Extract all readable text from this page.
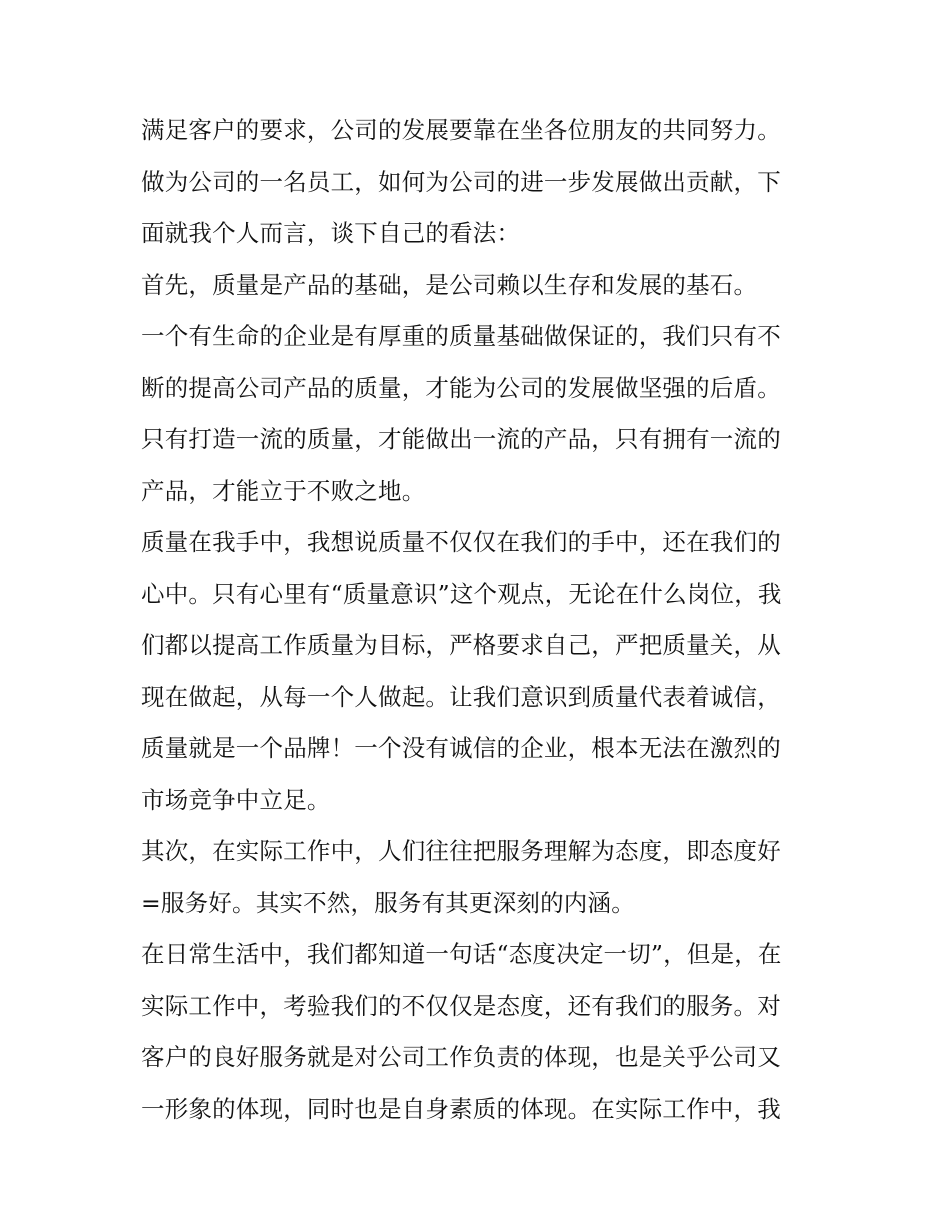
满足客户的要求，公司的发展要靠在坐各位朋友的共同努力。
做为公司的一名员工，如何为公司的进一步发展做出贡献，下
面就我个人而言，谈下自己的看法：
首先，质量是产品的基础，是公司赖以生存和发展的基石。
一个有生命的企业是有厚重的质量基础做保证的，我们只有不
断的提高公司产品的质量，才能为公司的发展做坚强的后盾。
只有打造一流的质量，才能做出一流的产品，只有拥有一流的
产品，才能立于不败之地。
质量在我手中，我想说质量不仅仅在我们的手中，还在我们的
心中。只有心里有“质量意识”这个观点，无论在什么岗位，我
们都以提高工作质量为目标，严格要求自己，严把质量关，从
现在做起，从每一个人做起。让我们意识到质量代表着诚信，
质量就是一个品牌！一个没有诚信的企业，根本无法在激烈的
市场竞争中立足。
其次，在实际工作中，人们往往把服务理解为态度，即态度好
=服务好。其实不然，服务有其更深刻的内涵。
在日常生活中，我们都知道一句话“态度决定一切”，但是，在
实际工作中，考验我们的不仅仅是态度，还有我们的服务。对
客户的良好服务就是对公司工作负责的体现，也是关乎公司又
一形象的体现，同时也是自身素质的体现。在实际工作中，我
